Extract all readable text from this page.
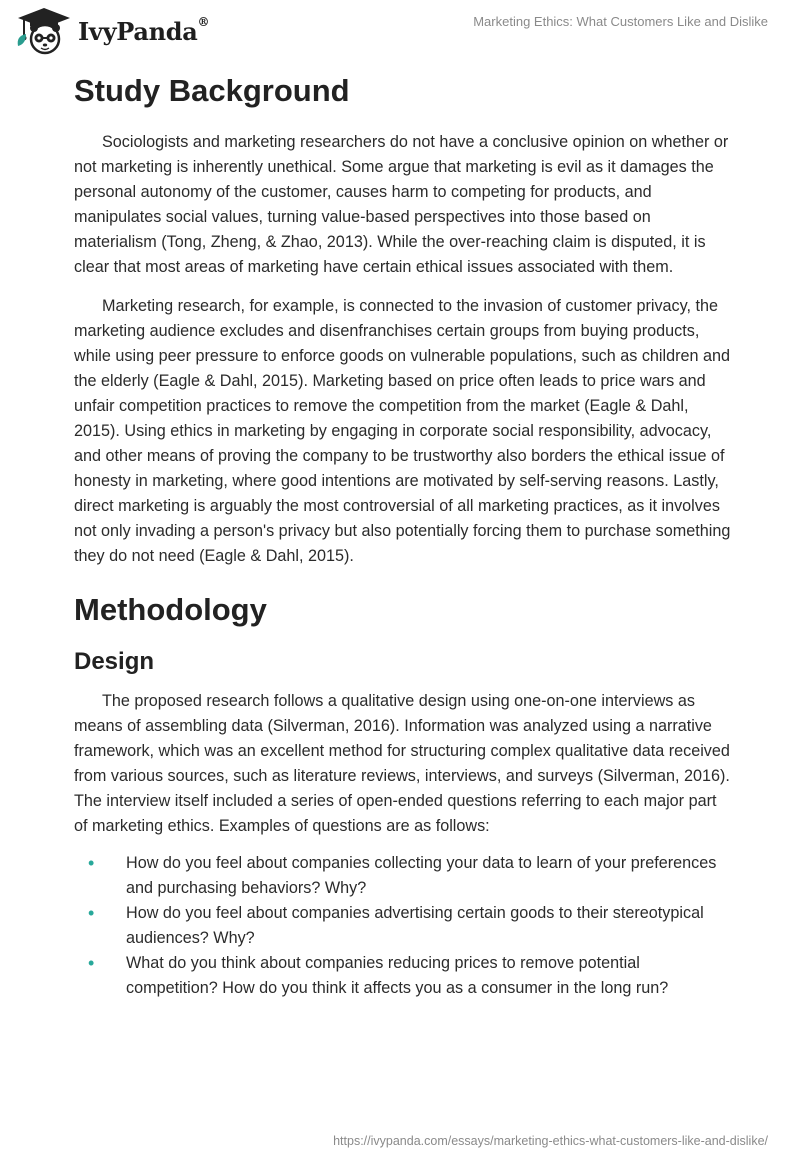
IvyPanda®	Marketing Ethics: What Customers Like and Dislike
Study Background

Sociologists and marketing researchers do not have a conclusive opinion on whether or not marketing is inherently unethical. Some argue that marketing is evil as it damages the personal autonomy of the customer, causes harm to competing for products, and manipulates social values, turning value-based perspectives into those based on materialism (Tong, Zheng, & Zhao, 2013). While the over-reaching claim is disputed, it is clear that most areas of marketing have certain ethical issues associated with them.

Marketing research, for example, is connected to the invasion of customer privacy, the marketing audience excludes and disenfranchises certain groups from buying products, while using peer pressure to enforce goods on vulnerable populations, such as children and the elderly (Eagle & Dahl, 2015). Marketing based on price often leads to price wars and unfair competition practices to remove the competition from the market (Eagle & Dahl, 2015). Using ethics in marketing by engaging in corporate social responsibility, advocacy, and other means of proving the company to be trustworthy also borders the ethical issue of honesty in marketing, where good intentions are motivated by self-serving reasons. Lastly, direct marketing is arguably the most controversial of all marketing practices, as it involves not only invading a person's privacy but also potentially forcing them to purchase something they do not need (Eagle & Dahl, 2015).

Methodology
Design

The proposed research follows a qualitative design using one-on-one interviews as means of assembling data (Silverman, 2016). Information was analyzed using a narrative framework, which was an excellent method for structuring complex qualitative data received from various sources, such as literature reviews, interviews, and surveys (Silverman, 2016). The interview itself included a series of open-ended questions referring to each major part of marketing ethics. Examples of questions are as follows:

• How do you feel about companies collecting your data to learn of your preferences and purchasing behaviors? Why?
• How do you feel about companies advertising certain goods to their stereotypical audiences? Why?
• What do you think about companies reducing prices to remove potential competition? How do you think it affects you as a consumer in the long run?
https://ivypanda.com/essays/marketing-ethics-what-customers-like-and-dislike/
